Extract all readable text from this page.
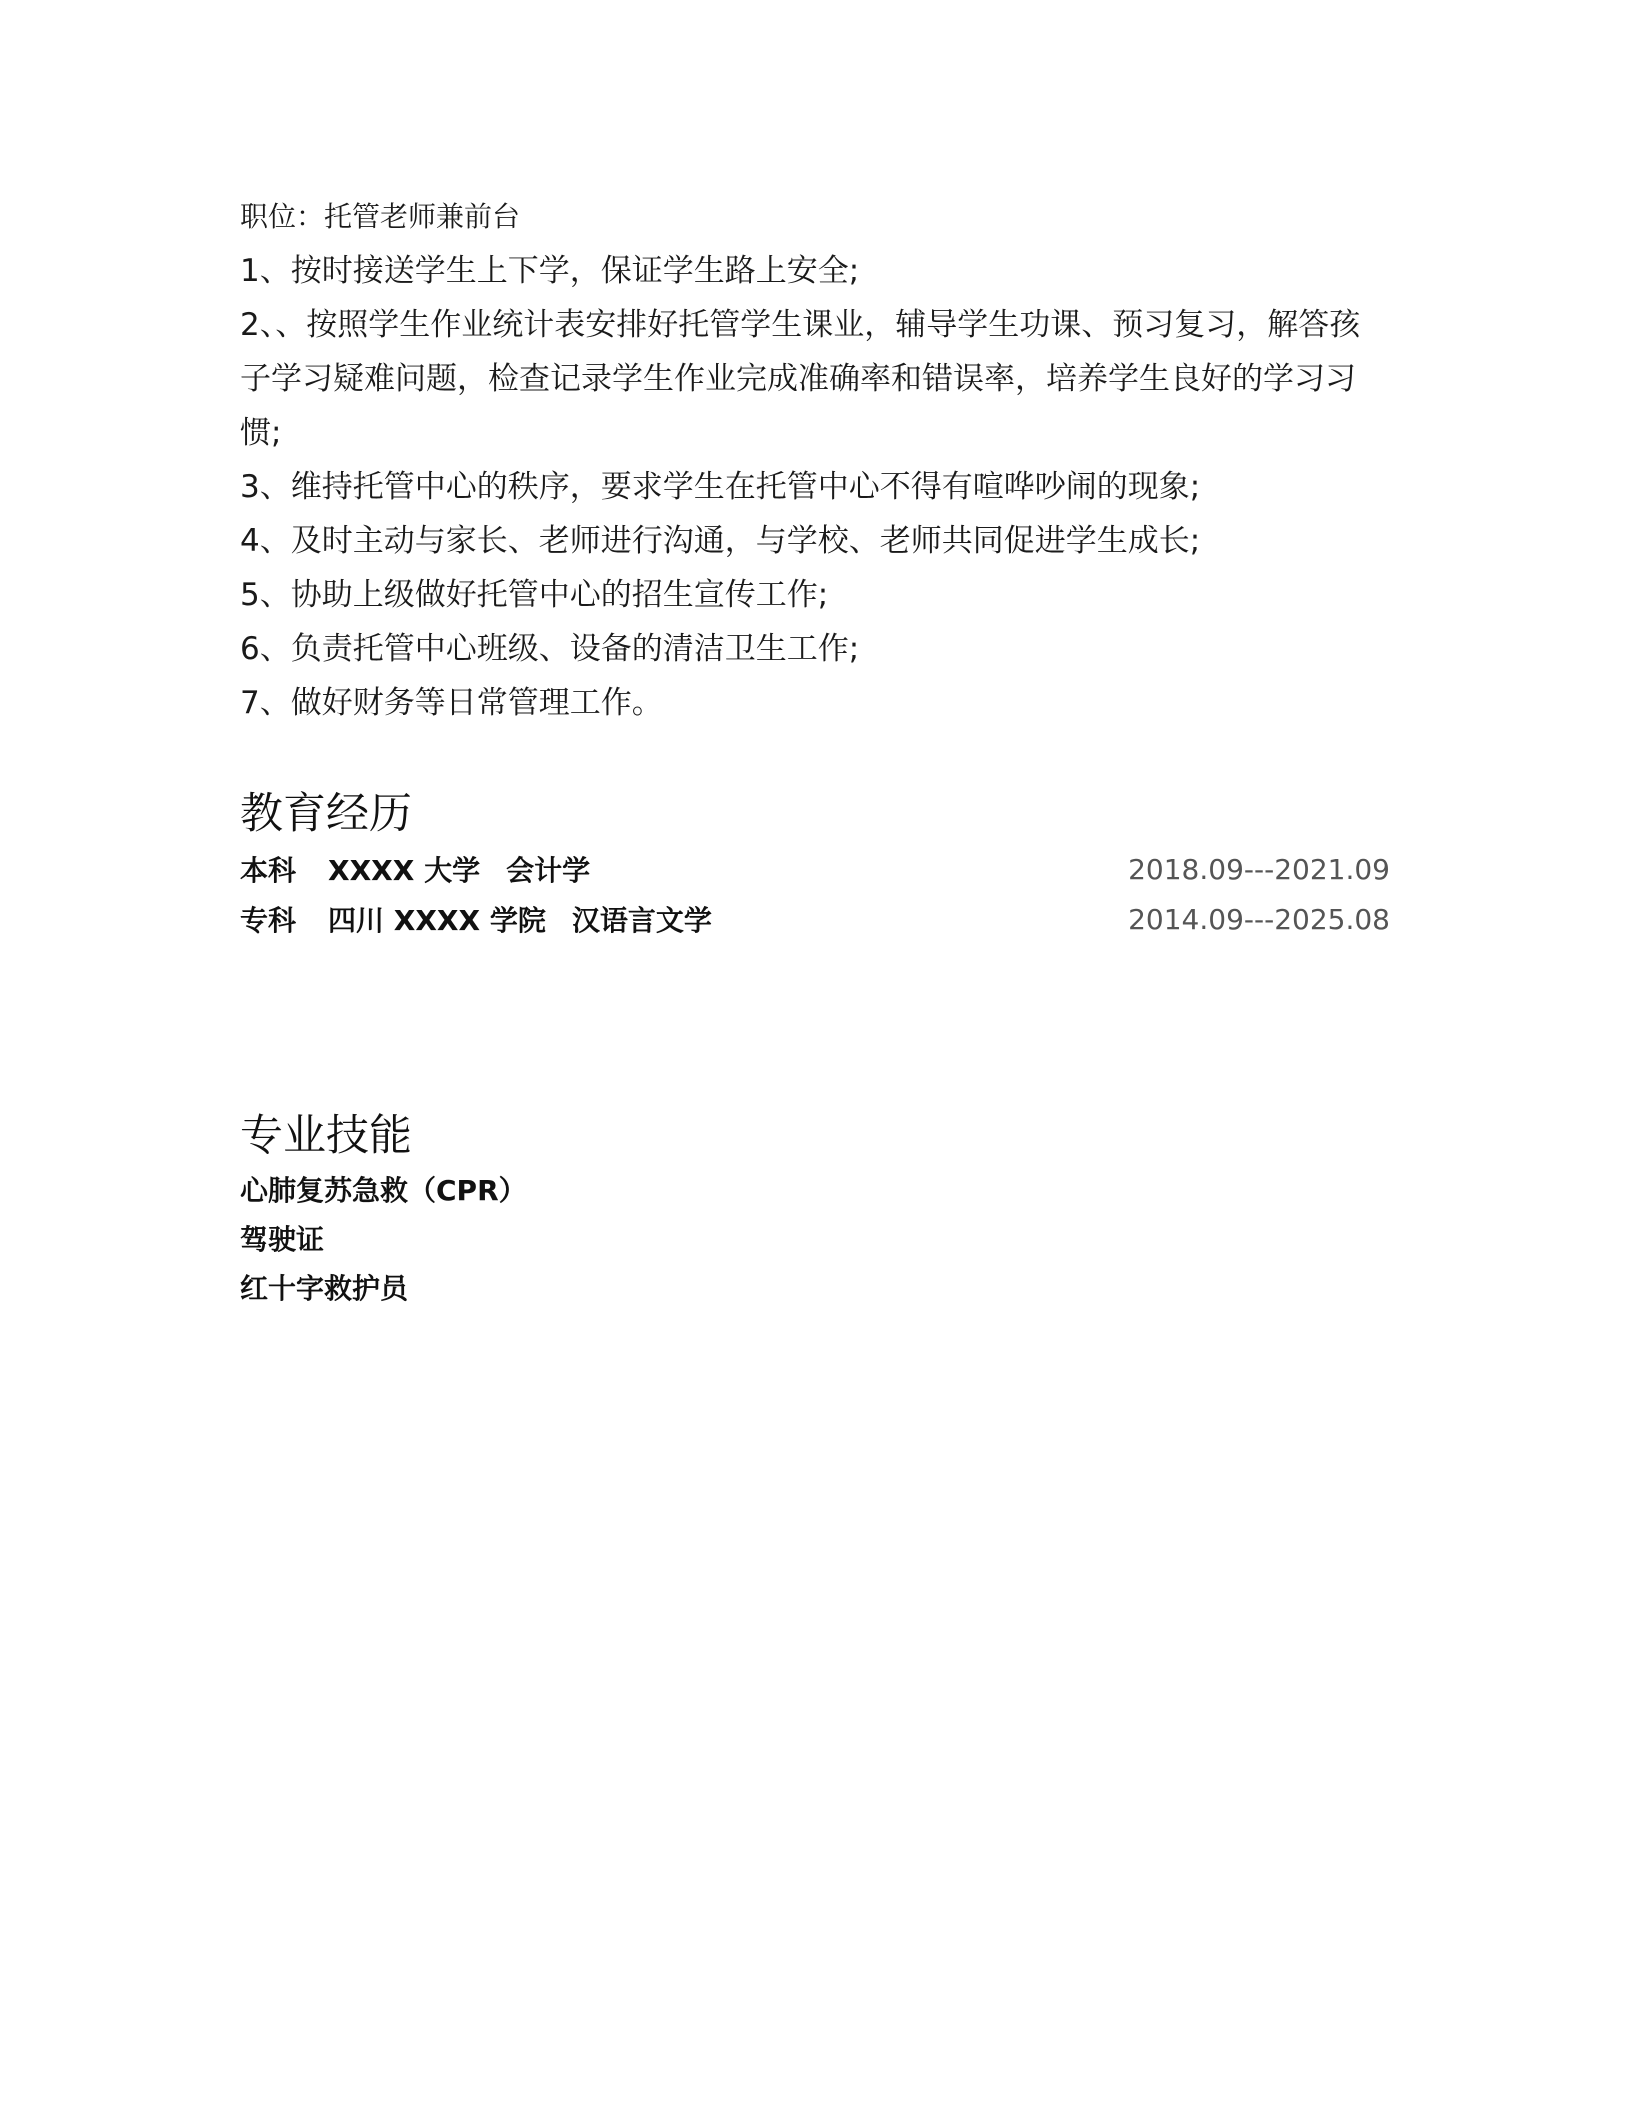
职位：托管老师兼前台

1、按时接送学生上下学，保证学生路上安全;
2、、按照学生作业统计表安排好托管学生课业，辅导学生功课、预习复习，解答孩子学习疑难问题，检查记录学生作业完成准确率和错误率，培养学生良好的学习习惯;
3、维持托管中心的秩序，要求学生在托管中心不得有喧哗吵闹的现象;
4、及时主动与家长、老师进行沟通，与学校、老师共同促进学生成长;
5、协助上级做好托管中心的招生宣传工作;
6、负责托管中心班级、设备的清洁卫生工作;
7、做好财务等日常管理工作。
教育经历
本科	XXXX 大学 会计学	2018.09---2021.09
专科	四川 XXXX 学院 汉语言文学	2014.09---2025.08
专业技能
心肺复苏急救（CPR）
驾驶证
红十字救护员
